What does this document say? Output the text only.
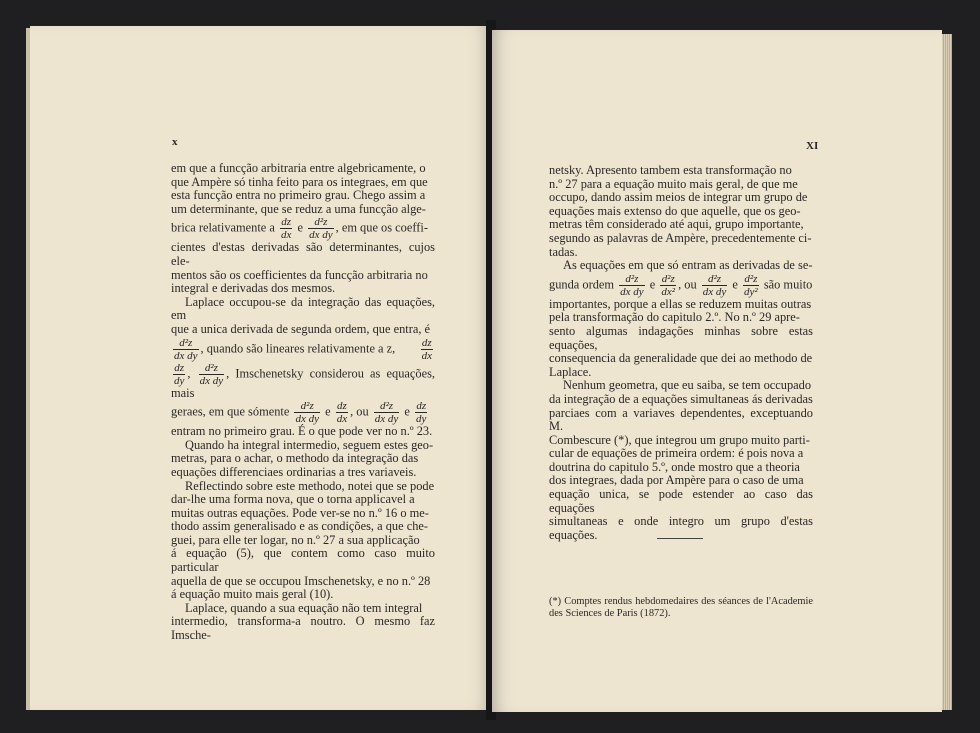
x

em que a funcção arbitraria entre algebricamente, o

que Ampère só tinha feito para os integraes, em que

esta funcção entra no primeiro grau. Chego assim a

um determinante, que se reduz a uma funcção alge-

brica relativamente a $\frac{dz}{dx}$ e $\frac{\text{d²z}}{\text{dx dy}}$ , em que os coeffi-

cientes d'estas derivadas são determinantes, cujos ele-

mentos são os coefficientes da funcção arbitraria no

integral e derivadas dos mesmos.

Laplace occupou-se da integração das equações, em

que a unica derivada de segunda ordem, que entra, é

$\frac{\text{d²z}}{\text{dx dy}}$ , quando são lineares relativamente a z, $\frac{dz}{dx}$

$\frac{dz}{dy}$ , $\frac{\text{d²z}}{\text{dx dy}}$ , Imschenetsky considerou as equações, mais

geraes, em que sómente $\frac{\text{d²z}}{\text{dx dy}}$ e $\frac{dz}{dx}$ , ou $\frac{\text{d²z}}{\text{dx dy}}$ e $\frac{dz}{dy}$

entram no primeiro grau. É o que pode ver no n.º 23.

Quando ha integral intermedio, seguem estes geo-

metras, para o achar, o methodo da integração das

equações differenciaes ordinarias a tres variaveis.

Reflectindo sobre este methodo, notei que se pode

dar-lhe uma forma nova, que o torna applicavel a

muitas outras equações. Pode ver-se no n.º 16 o me-

thodo assim generalisado e as condições, a que che-

guei, para elle ter logar, no n.º 27 a sua applicação

á equação (5), que contem como caso muito particular

aquella de que se occupou Imschenetsky, e no n.º 28

á equação muito mais geral (10).

Laplace, quando a sua equação não tem integral

intermedio, transforma-a noutro. O mesmo faz Imsche-

XI

netsky. Apresento tambem esta transformação no

n.º 27 para a equação muito mais geral, de que me

occupo, dando assim meios de integrar um grupo de

equações mais extenso do que aquelle, que os geo-

metras têm considerado até aqui, grupo importante,

segundo as palavras de Ampère, precedentemente ci-

tadas.

As equações em que só entram as derivadas de se-

gunda ordem $\frac{\text{d²z}}{\text{dx dy}}$ e $\frac{\text{d²z}}{\text{dx²}}$ , ou $\frac{\text{d²z}}{\text{dx dy}}$ e $\frac{\text{d²z}}{\text{dy²}}$ são muito

importantes, porque a ellas se reduzem muitas outras

pela transformação do capitulo 2.º. No n.º 29 apre-

sento algumas indagações minhas sobre estas equações,

consequencia da generalidade que dei ao methodo de

Laplace.

Nenhum geometra, que eu saiba, se tem occupado

da integração de a equações simultaneas ás derivadas

parciaes com a variaves dependentes, exceptuando M.

Combescure (*), que integrou um grupo muito parti-

cular de equações de primeira ordem: é pois nova a

doutrina do capitulo 5.º, onde mostro que a theoria

dos integraes, dada por Ampère para o caso de uma

equação unica, se pode estender ao caso das equações

simultaneas e onde integro um grupo d'estas equações.

(*) Comptes rendus hebdomedaires des séances de l'Academie des Sciences de Paris (1872).
